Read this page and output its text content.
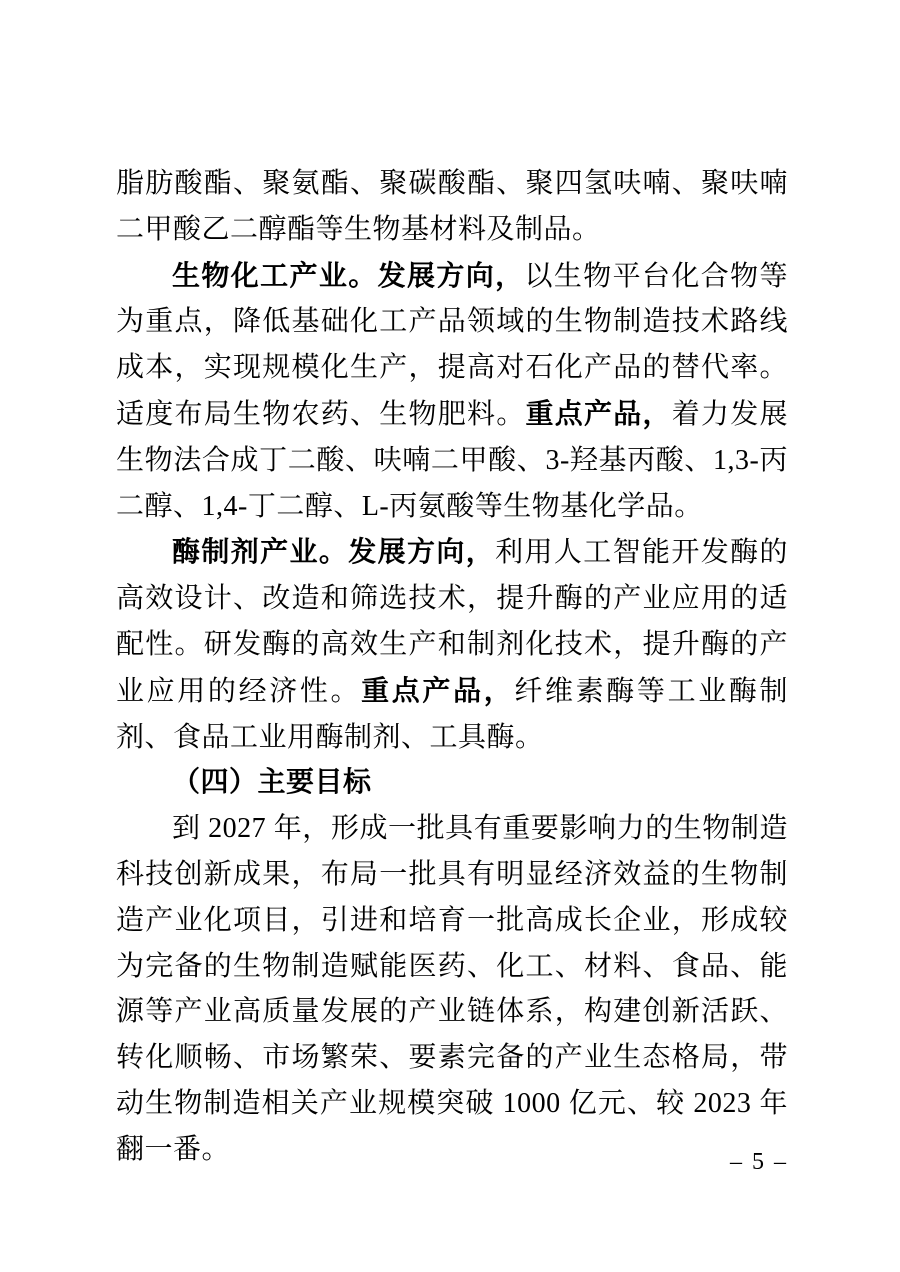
脂肪酸酯、聚氨酯、聚碳酸酯、聚四氢呋喃、聚呋喃二甲酸乙二醇酯等生物基材料及制品。

生物化工产业。发展方向，以生物平台化合物等为重点，降低基础化工产品领域的生物制造技术路线成本，实现规模化生产，提高对石化产品的替代率。适度布局生物农药、生物肥料。重点产品，着力发展生物法合成丁二酸、呋喃二甲酸、3-羟基丙酸、1,3-丙二醇、1,4-丁二醇、L-丙氨酸等生物基化学品。

酶制剂产业。发展方向，利用人工智能开发酶的高效设计、改造和筛选技术，提升酶的产业应用的适配性。研发酶的高效生产和制剂化技术，提升酶的产业应用的经济性。重点产品，纤维素酶等工业酶制剂、食品工业用酶制剂、工具酶。

（四）主要目标

到 2027 年，形成一批具有重要影响力的生物制造科技创新成果，布局一批具有明显经济效益的生物制造产业化项目，引进和培育一批高成长企业，形成较为完备的生物制造赋能医药、化工、材料、食品、能源等产业高质量发展的产业链体系，构建创新活跃、转化顺畅、市场繁荣、要素完备的产业生态格局，带动生物制造相关产业规模突破 1000 亿元、较 2023 年翻一番。	– 5 –
